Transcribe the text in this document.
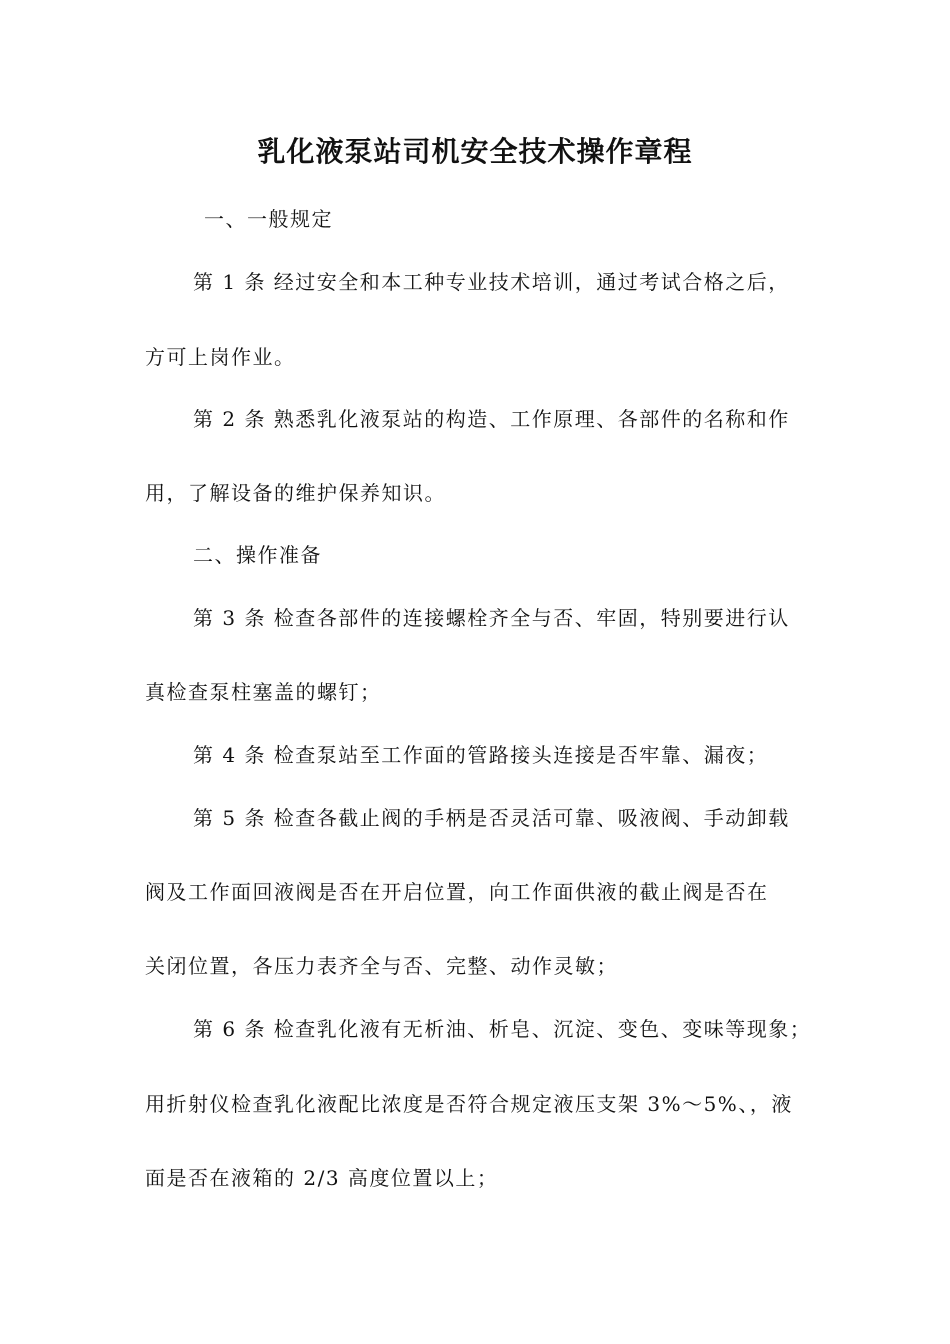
乳化液泵站司机安全技术操作章程
一、一般规定
第 1 条 经过安全和本工种专业技术培训，通过考试合格之后，
方可上岗作业。
第 2 条 熟悉乳化液泵站的构造、工作原理、各部件的名称和作
用，了解设备的维护保养知识。
二、操作准备
第 3 条 检查各部件的连接螺栓齐全与否、牢固，特别要进行认
真检查泵柱塞盖的螺钉；
第 4 条 检查泵站至工作面的管路接头连接是否牢靠、漏夜；
第 5 条 检查各截止阀的手柄是否灵活可靠、吸液阀、手动卸载
阀及工作面回液阀是否在开启位置，向工作面供液的截止阀是否在
关闭位置，各压力表齐全与否、完整、动作灵敏；
第 6 条 检查乳化液有无析油、析皂、沉淀、变色、变味等现象；
用折射仪检查乳化液配比浓度是否符合规定液压支架 3%～5%、，液
面是否在液箱的 2/3 高度位置以上；
